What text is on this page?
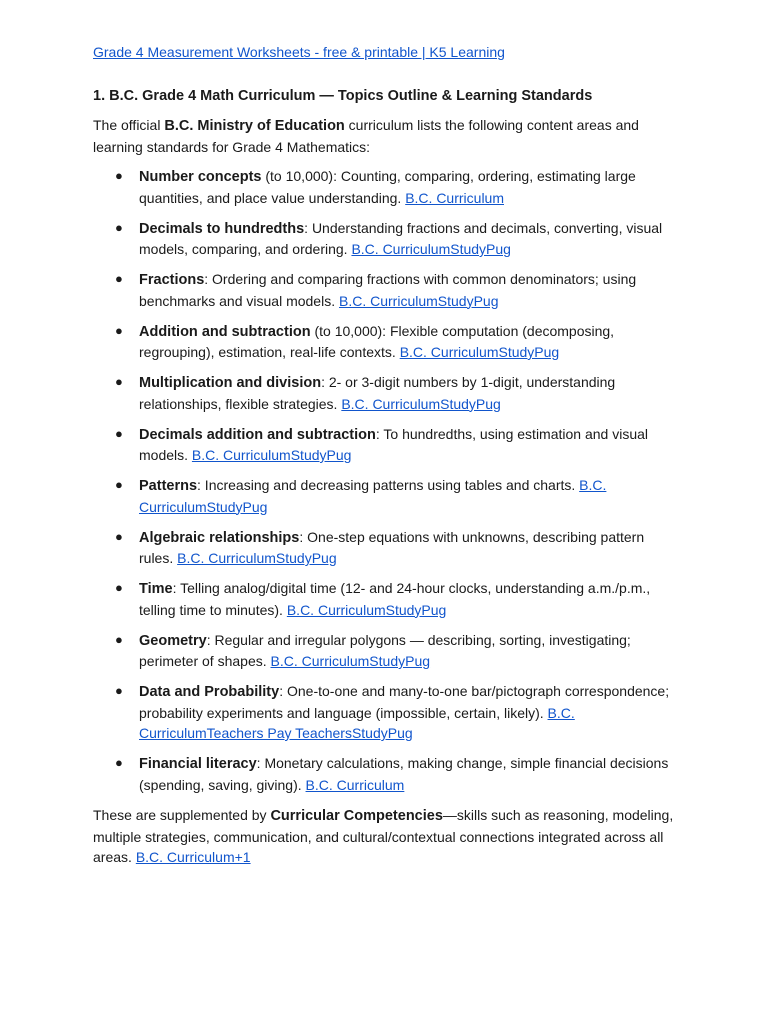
Grade 4 Measurement Worksheets - free & printable | K5 Learning
1. B.C. Grade 4 Math Curriculum — Topics Outline & Learning Standards

The official B.C. Ministry of Education curriculum lists the following content areas and learning standards for Grade 4 Mathematics:

● Number concepts (to 10,000): Counting, comparing, ordering, estimating large quantities, and place value understanding. B.C. Curriculum
● Decimals to hundredths: Understanding fractions and decimals, converting, visual models, comparing, and ordering. B.C. CurriculumStudyPug
● Fractions: Ordering and comparing fractions with common denominators; using benchmarks and visual models. B.C. CurriculumStudyPug
● Addition and subtraction (to 10,000): Flexible computation (decomposing, regrouping), estimation, real-life contexts. B.C. CurriculumStudyPug
● Multiplication and division: 2- or 3-digit numbers by 1-digit, understanding relationships, flexible strategies. B.C. CurriculumStudyPug
● Decimals addition and subtraction: To hundredths, using estimation and visual models. B.C. CurriculumStudyPug
● Patterns: Increasing and decreasing patterns using tables and charts. B.C. CurriculumStudyPug
● Algebraic relationships: One-step equations with unknowns, describing pattern rules. B.C. CurriculumStudyPug
● Time: Telling analog/digital time (12- and 24-hour clocks, understanding a.m./p.m., telling time to minutes). B.C. CurriculumStudyPug
● Geometry: Regular and irregular polygons — describing, sorting, investigating; perimeter of shapes. B.C. CurriculumStudyPug
● Data and Probability: One-to-one and many-to-one bar/pictograph correspondence; probability experiments and language (impossible, certain, likely). B.C. CurriculumTeachers Pay TeachersStudyPug
● Financial literacy: Monetary calculations, making change, simple financial decisions (spending, saving, giving). B.C. Curriculum

These are supplemented by Curricular Competencies—skills such as reasoning, modeling, multiple strategies, communication, and cultural/contextual connections integrated across all areas. B.C. Curriculum+1
